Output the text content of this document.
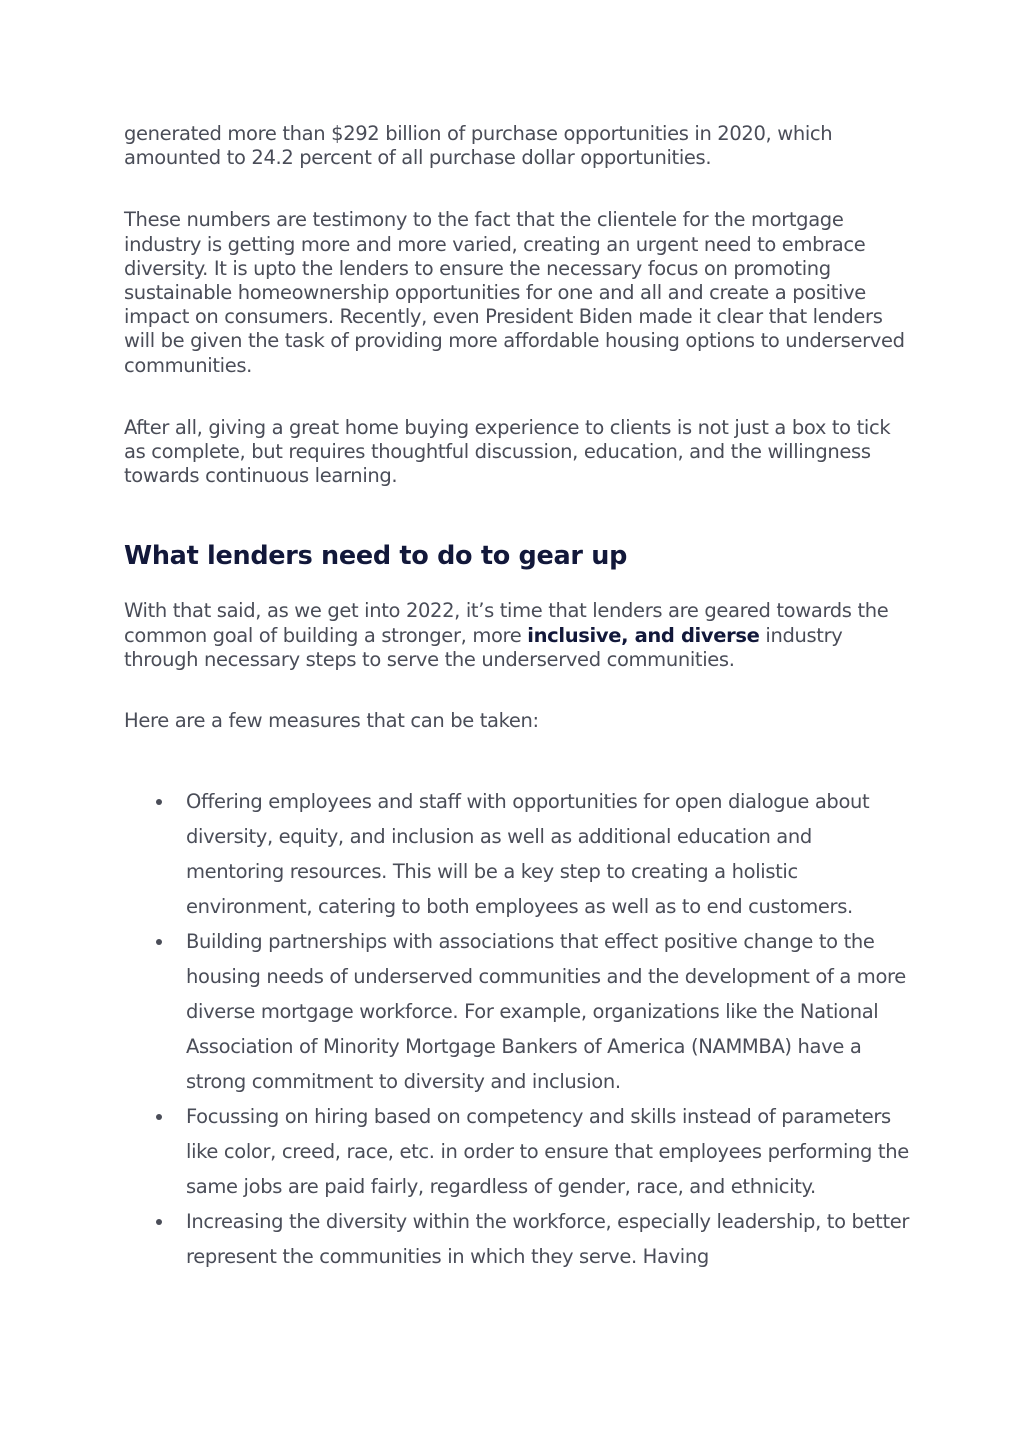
generated more than $292 billion of purchase opportunities in 2020, which amounted to 24.2 percent of all purchase dollar opportunities.

These numbers are testimony to the fact that the clientele for the mortgage industry is getting more and more varied, creating an urgent need to embrace diversity. It is upto the lenders to ensure the necessary focus on promoting sustainable homeownership opportunities for one and all and create a positive impact on consumers. Recently, even President Biden made it clear that lenders will be given the task of providing more affordable housing options to underserved communities.

After all, giving a great home buying experience to clients is not just a box to tick as complete, but requires thoughtful discussion, education, and the willingness towards continuous learning.

What lenders need to do to gear up

With that said, as we get into 2022, it’s time that lenders are geared towards the common goal of building a stronger, more inclusive, and diverse industry through necessary steps to serve the underserved communities.

Here are a few measures that can be taken:

Offering employees and staff with opportunities for open dialogue about diversity, equity, and inclusion as well as additional education and mentoring resources. This will be a key step to creating a holistic environment, catering to both employees as well as to end customers.
Building partnerships with associations that effect positive change to the housing needs of underserved communities and the development of a more diverse mortgage workforce. For example, organizations like the National Association of Minority Mortgage Bankers of America (NAMMBA) have a strong commitment to diversity and inclusion.
Focussing on hiring based on competency and skills instead of parameters like color, creed, race, etc. in order to ensure that employees performing the same jobs are paid fairly, regardless of gender, race, and ethnicity.
Increasing the diversity within the workforce, especially leadership, to better represent the communities in which they serve. Having
